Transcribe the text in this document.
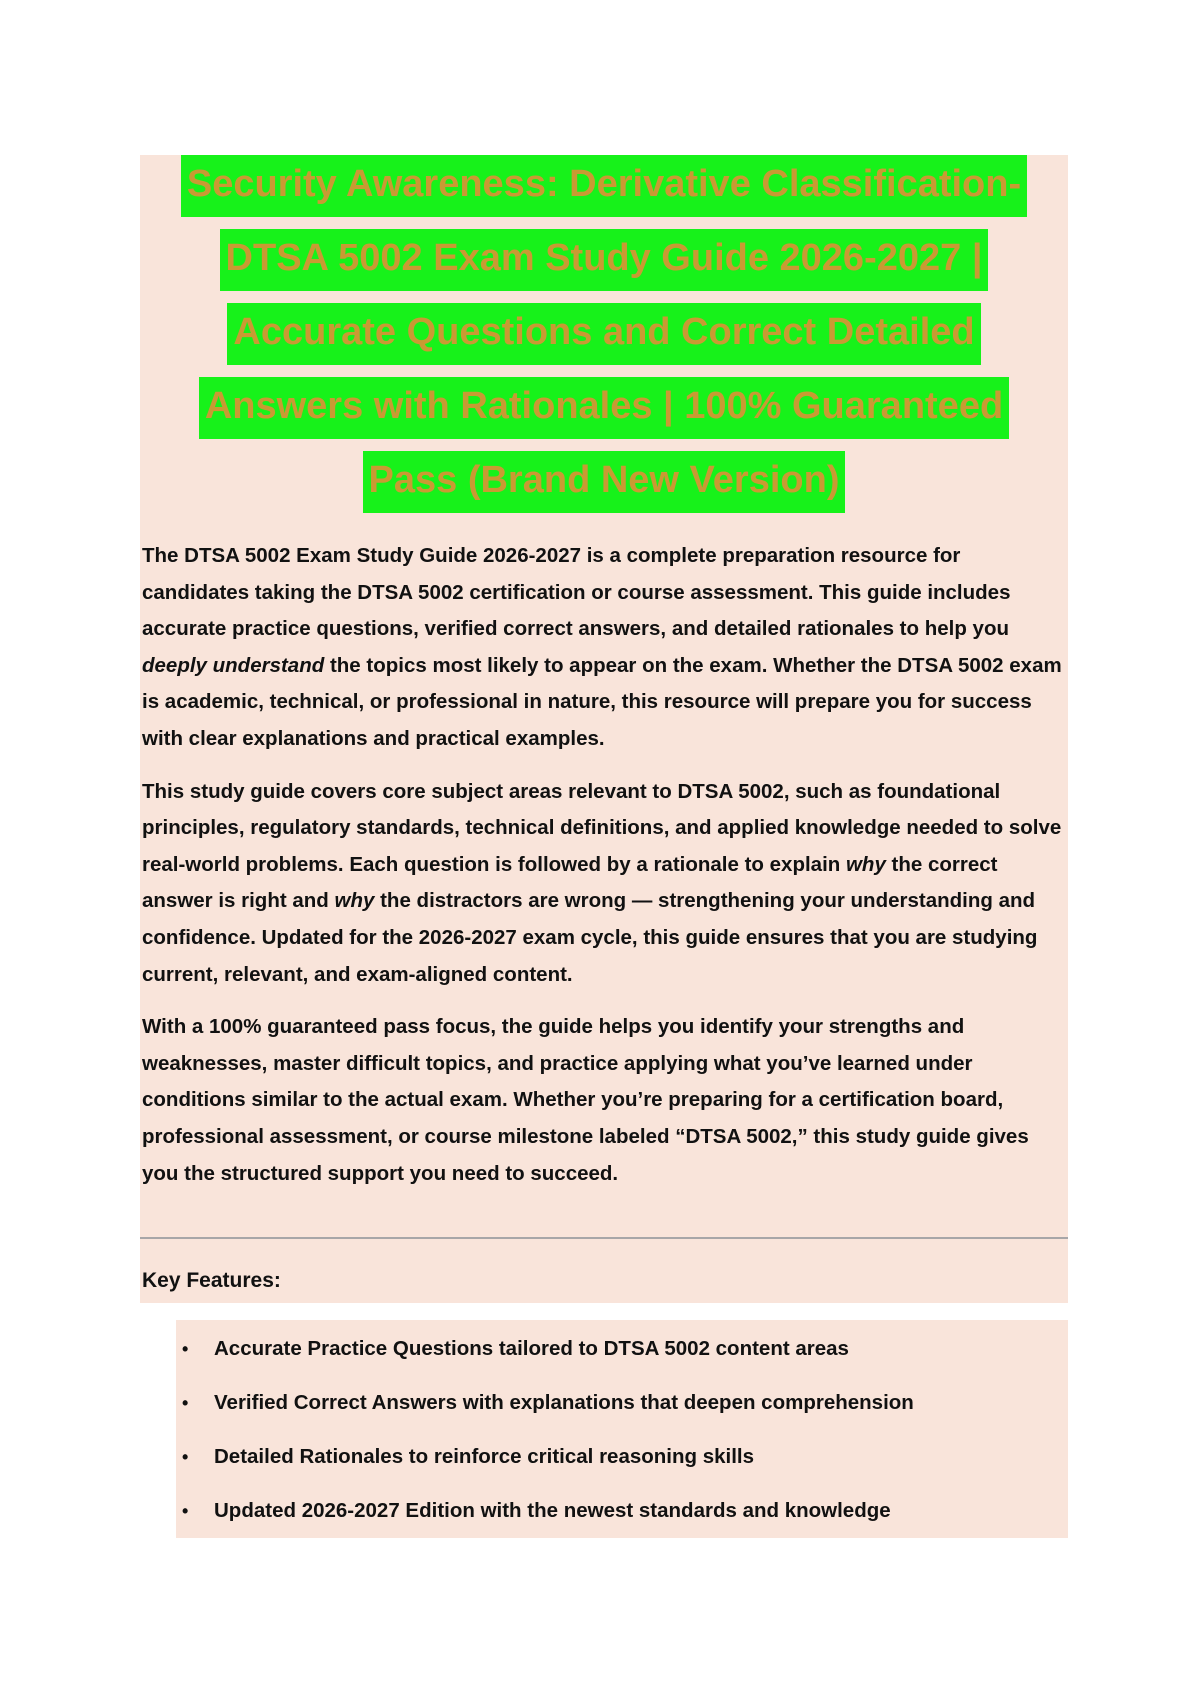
Security Awareness: Derivative Classification-
DTSA 5002 Exam Study Guide 2026-2027 |
Accurate Questions and Correct Detailed
Answers with Rationales | 100% Guaranteed
Pass (Brand New Version)

The DTSA 5002 Exam Study Guide 2026-2027 is a complete preparation resource for candidates taking the DTSA 5002 certification or course assessment. This guide includes accurate practice questions, verified correct answers, and detailed rationales to help you deeply understand the topics most likely to appear on the exam. Whether the DTSA 5002 exam is academic, technical, or professional in nature, this resource will prepare you for success with clear explanations and practical examples.

This study guide covers core subject areas relevant to DTSA 5002, such as foundational principles, regulatory standards, technical definitions, and applied knowledge needed to solve real-world problems. Each question is followed by a rationale to explain why the correct answer is right and why the distractors are wrong — strengthening your understanding and confidence. Updated for the 2026-2027 exam cycle, this guide ensures that you are studying current, relevant, and exam-aligned content.

With a 100% guaranteed pass focus, the guide helps you identify your strengths and weaknesses, master difficult topics, and practice applying what you’ve learned under conditions similar to the actual exam. Whether you’re preparing for a certification board, professional assessment, or course milestone labeled “DTSA 5002,” this study guide gives you the structured support you need to succeed.

Key Features:
• Accurate Practice Questions tailored to DTSA 5002 content areas
• Verified Correct Answers with explanations that deepen comprehension
• Detailed Rationales to reinforce critical reasoning skills
• Updated 2026-2027 Edition with the newest standards and knowledge
